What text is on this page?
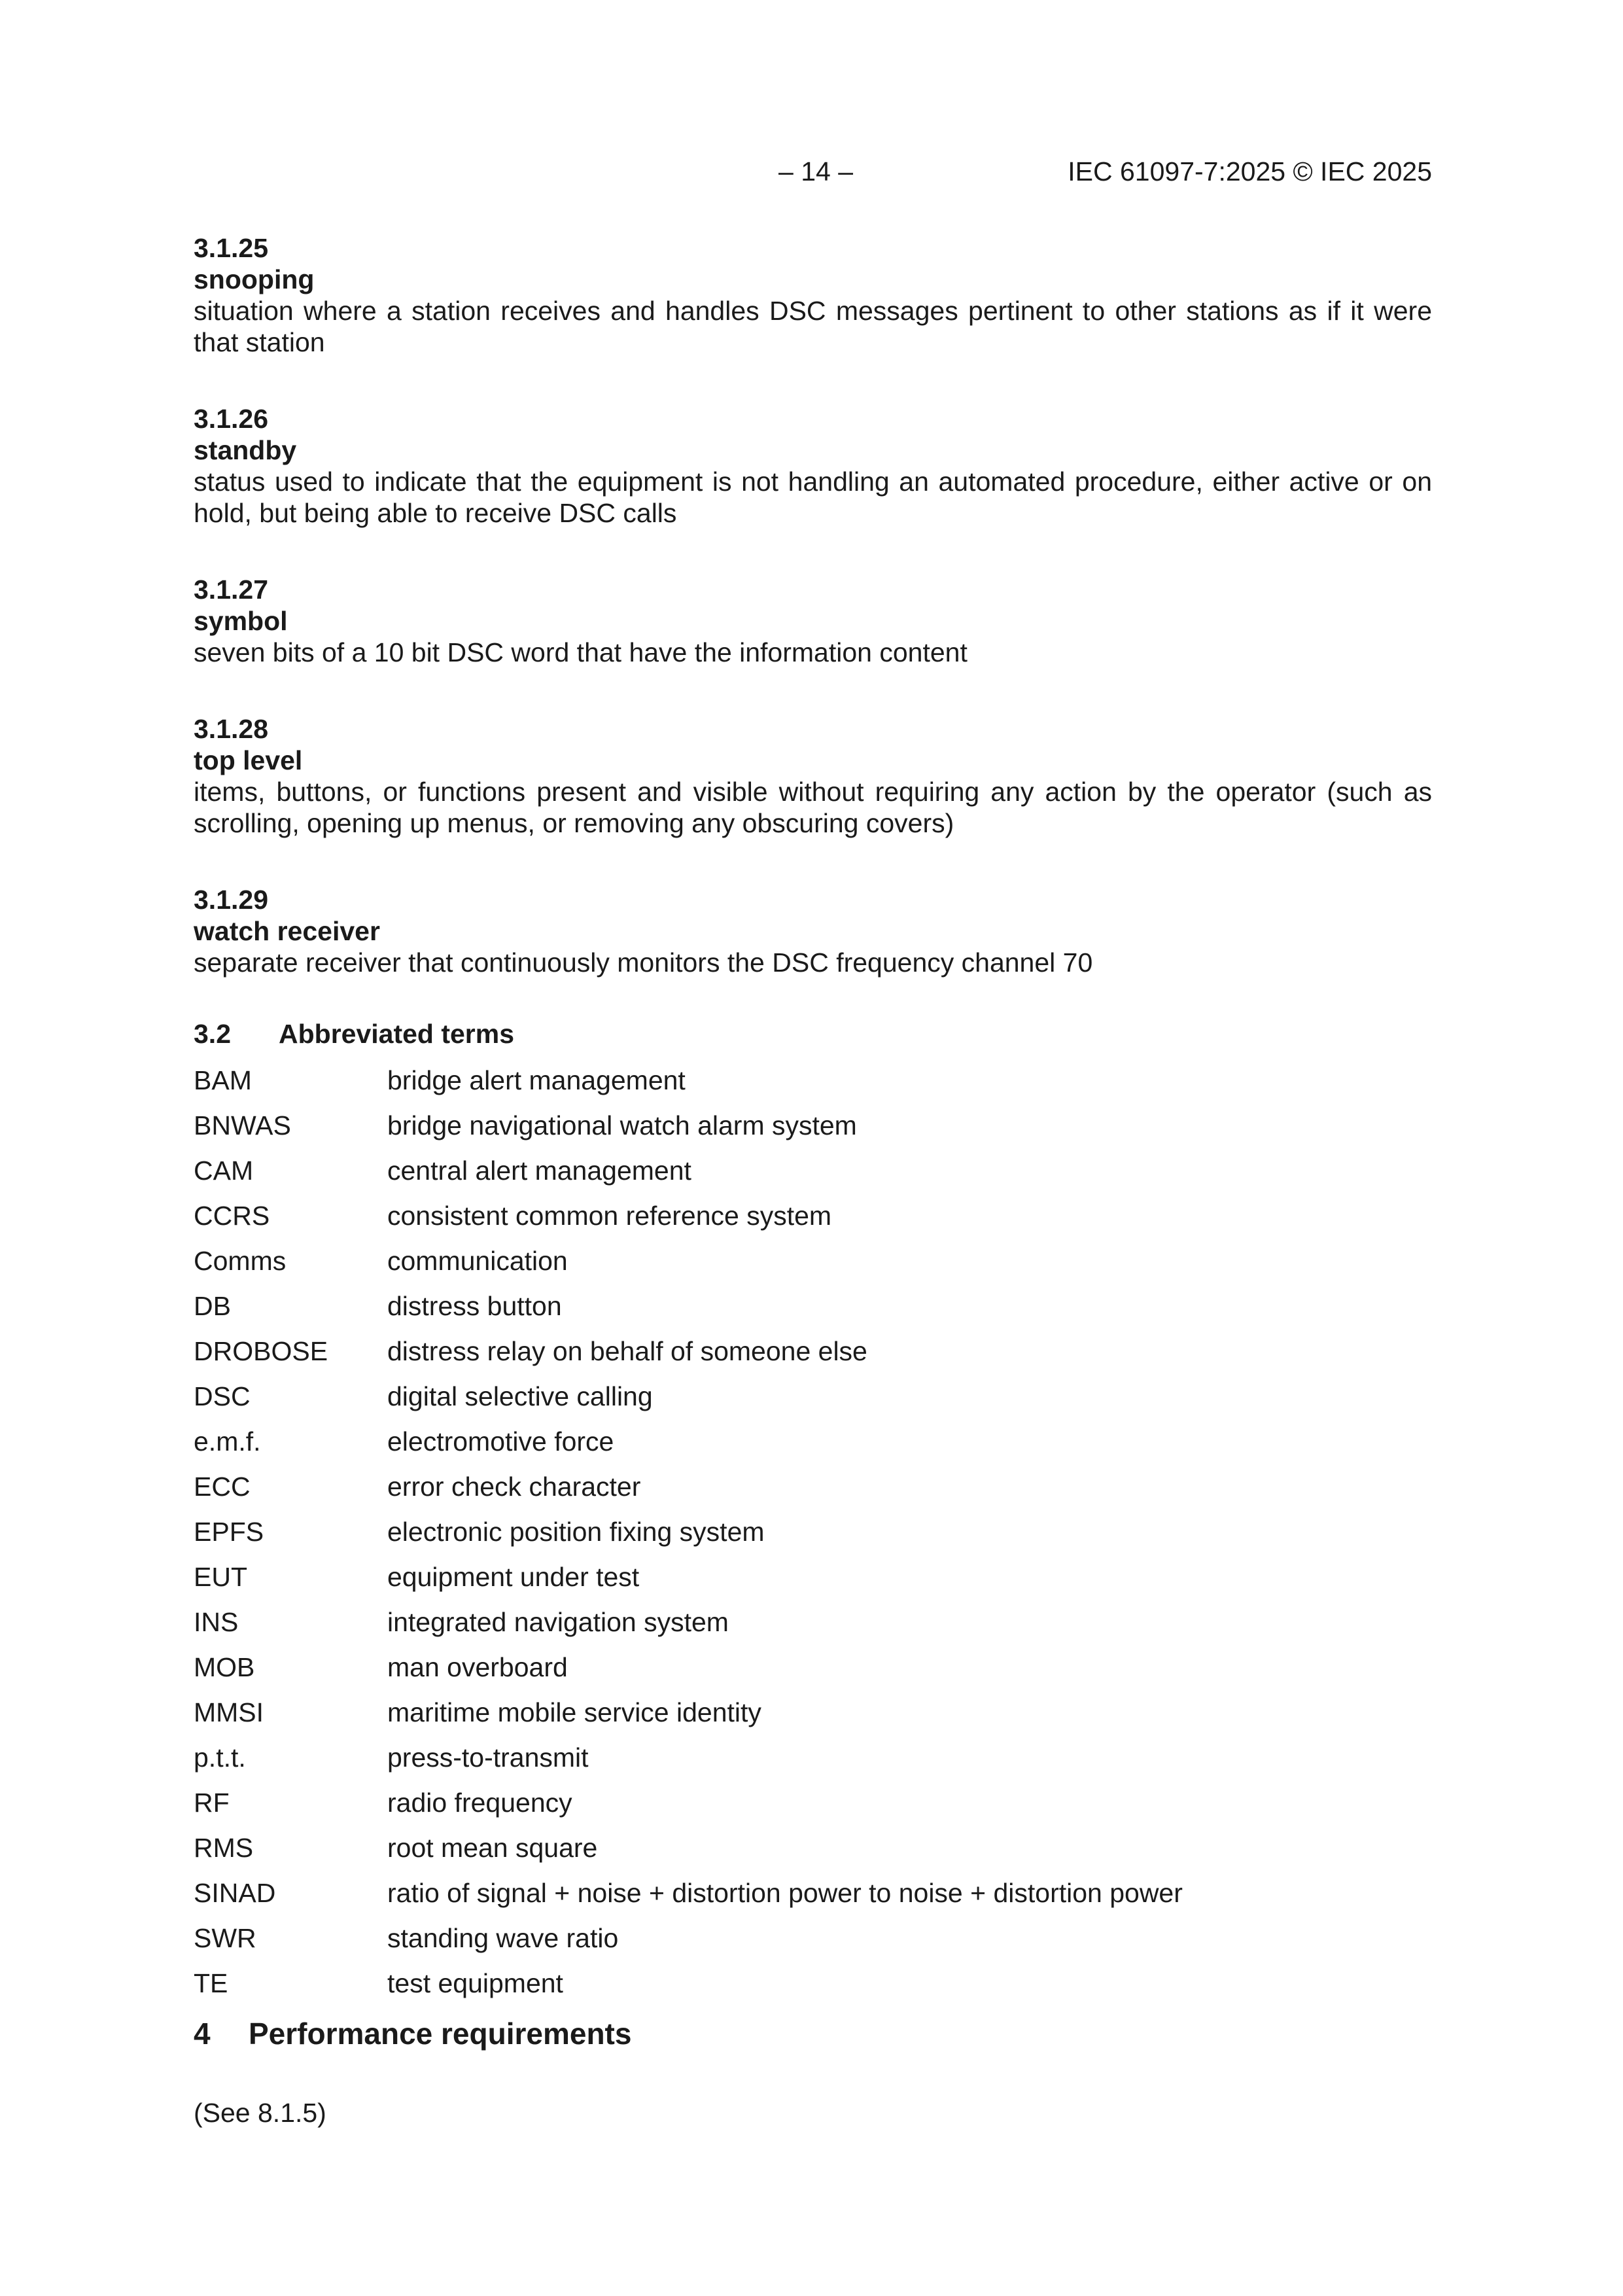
– 14 –	IEC 61097-7:2025 © IEC 2025
3.1.25
snooping
situation where a station receives and handles DSC messages pertinent to other stations as if it were that station
3.1.26
standby
status used to indicate that the equipment is not handling an automated procedure, either active or on hold, but being able to receive DSC calls
3.1.27
symbol
seven bits of a 10 bit DSC word that have the information content
3.1.28
top level
items, buttons, or functions present and visible without requiring any action by the operator (such as scrolling, opening up menus, or removing any obscuring covers)
3.1.29
watch receiver
separate receiver that continuously monitors the DSC frequency channel 70
3.2	Abbreviated terms
BAM	bridge alert management
BNWAS	bridge navigational watch alarm system
CAM	central alert management
CCRS	consistent common reference system
Comms	communication
DB	distress button
DROBOSE	distress relay on behalf of someone else
DSC	digital selective calling
e.m.f.	electromotive force
ECC	error check character
EPFS	electronic position fixing system
EUT	equipment under test
INS	integrated navigation system
MOB	man overboard
MMSI	maritime mobile service identity
p.t.t.	press-to-transmit
RF	radio frequency
RMS	root mean square
SINAD	ratio of signal + noise + distortion power to noise + distortion power
SWR	standing wave ratio
TE	test equipment
4	Performance requirements
(See 8.1.5)
